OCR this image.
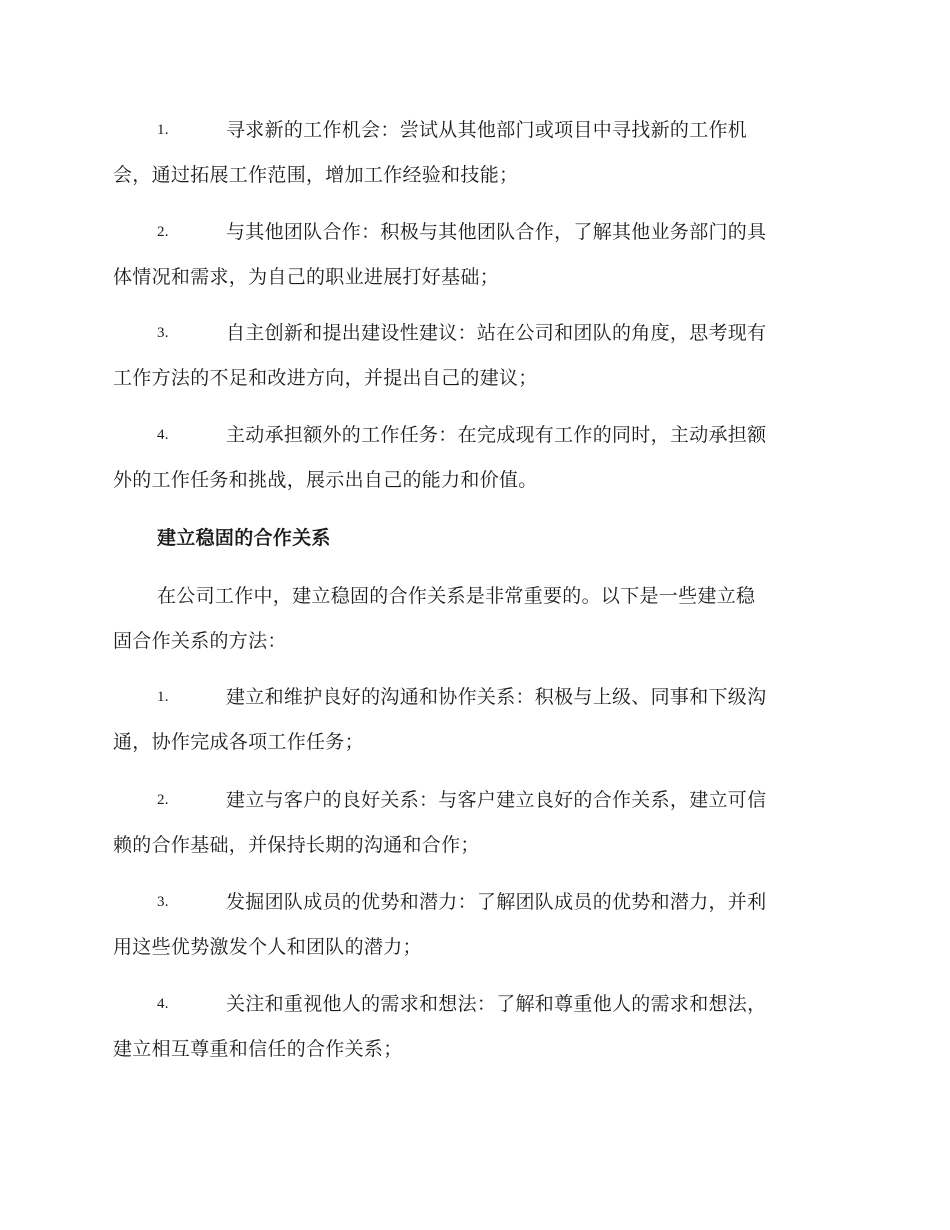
1.	寻求新的工作机会：尝试从其他部门或项目中寻找新的工作机
会，通过拓展工作范围，增加工作经验和技能；
2.	与其他团队合作：积极与其他团队合作，了解其他业务部门的具
体情况和需求，为自己的职业进展打好基础；
3.	自主创新和提出建设性建议：站在公司和团队的角度，思考现有
工作方法的不足和改进方向，并提出自己的建议；
4.	主动承担额外的工作任务：在完成现有工作的同时，主动承担额
外的工作任务和挑战，展示出自己的能力和价值。
建立稳固的合作关系
在公司工作中，建立稳固的合作关系是非常重要的。以下是一些建立稳
固合作关系的方法：
1.	建立和维护良好的沟通和协作关系：积极与上级、同事和下级沟
通，协作完成各项工作任务；
2.	建立与客户的良好关系：与客户建立良好的合作关系，建立可信
赖的合作基础，并保持长期的沟通和合作；
3.	发掘团队成员的优势和潜力：了解团队成员的优势和潜力，并利
用这些优势激发个人和团队的潜力；
4.	关注和重视他人的需求和想法：了解和尊重他人的需求和想法，
建立相互尊重和信任的合作关系；
